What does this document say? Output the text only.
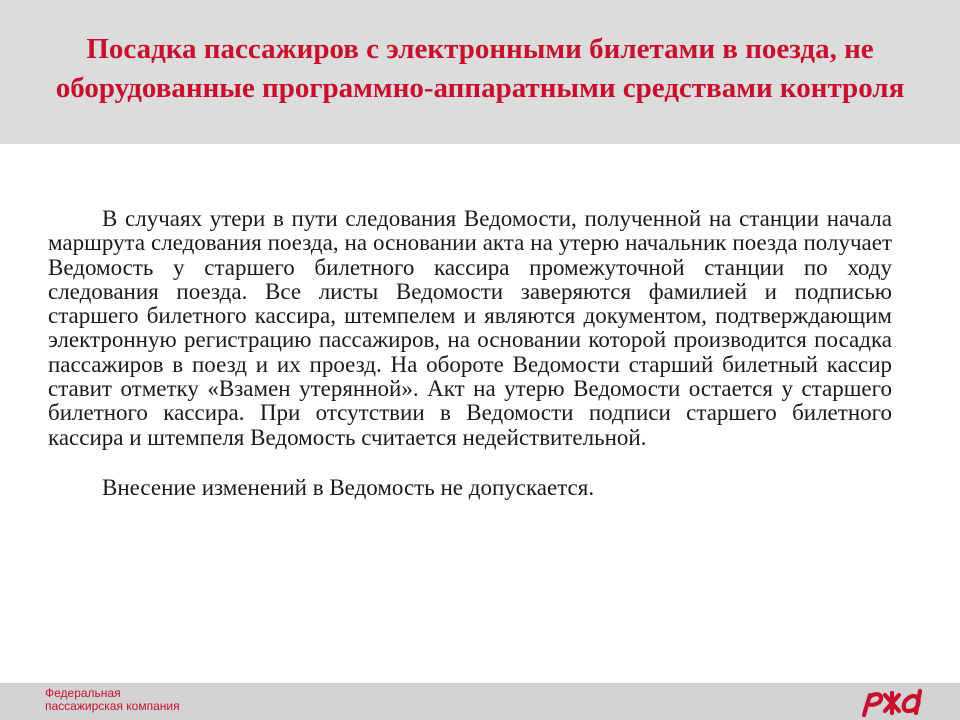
Посадка пассажиров с электронными билетами в поезда, не оборудованные программно-аппаратными средствами контроля

В случаях утери в пути следования Ведомости, полученной на станции начала маршрута следования поезда, на основании акта на утерю начальник поезда получает Ведомость у старшего билетного кассира промежуточной станции по ходу следования поезда. Все листы Ведомости заверяются фамилией и подписью старшего билетного кассира, штемпелем и являются документом, подтверждающим электронную регистрацию пассажиров, на основании которой производится посадка пассажиров в поезд и их проезд. На обороте Ведомости старший билетный кассир ставит отметку «Взамен утерянной». Акт на утерю Ведомости остается у старшего билетного кассира. При отсутствии в Ведомости подписи старшего билетного кассира и штемпеля Ведомость считается недействительной.

Внесение изменений в Ведомость не допускается.

Федеральная
пассажирская компания
